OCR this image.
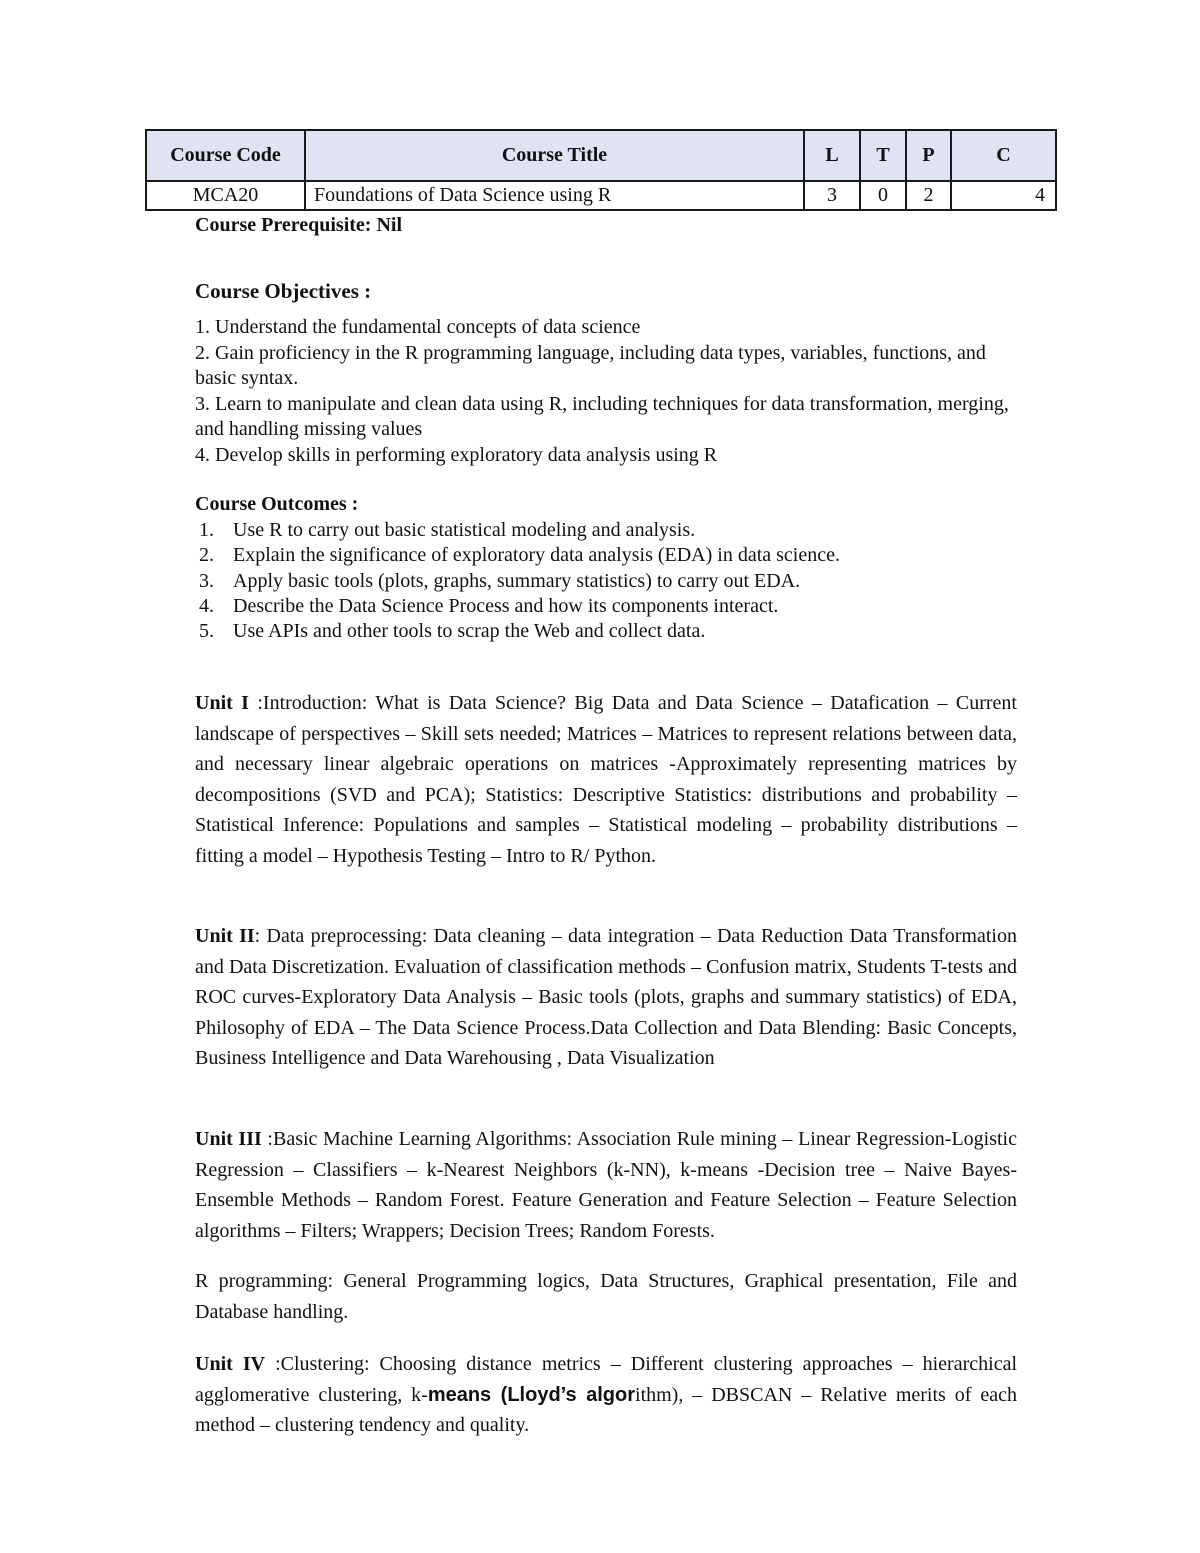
Course Code	Course Title	L	T	P	C
MCA20	Foundations of Data Science using R	3	0	2	4
Course Prerequisite: Nil
Course Objectives :
1. Understand the fundamental concepts of data science
2. Gain proficiency in the R programming language, including data types, variables, functions, and basic syntax.
3. Learn to manipulate and clean data using R, including techniques for data transformation, merging, and handling missing values
4. Develop skills in performing exploratory data analysis using R
Course Outcomes :
1. Use R to carry out basic statistical modeling and analysis.
2. Explain the significance of exploratory data analysis (EDA) in data science.
3. Apply basic tools (plots, graphs, summary statistics) to carry out EDA.
4. Describe the Data Science Process and how its components interact.
5. Use APIs and other tools to scrap the Web and collect data.
Unit I :Introduction: What is Data Science? Big Data and Data Science – Datafication – Current landscape of perspectives – Skill sets needed; Matrices – Matrices to represent relations between data, and necessary linear algebraic operations on matrices -Approximately representing matrices by decompositions (SVD and PCA); Statistics: Descriptive Statistics: distributions and probability – Statistical Inference: Populations and samples – Statistical modeling – probability distributions – fitting a model – Hypothesis Testing – Intro to R/ Python.
Unit II: Data preprocessing: Data cleaning – data integration – Data Reduction Data Transformation and Data Discretization. Evaluation of classification methods – Confusion matrix, Students T-tests and ROC curves-Exploratory Data Analysis – Basic tools (plots, graphs and summary statistics) of EDA, Philosophy of EDA – The Data Science Process.Data Collection and Data Blending: Basic Concepts, Business Intelligence and Data Warehousing , Data Visualization
Unit III :Basic Machine Learning Algorithms: Association Rule mining – Linear Regression-Logistic Regression – Classifiers – k-Nearest Neighbors (k-NN), k-means -Decision tree – Naive Bayes- Ensemble Methods – Random Forest. Feature Generation and Feature Selection – Feature Selection algorithms – Filters; Wrappers; Decision Trees; Random Forests.
R programming: General Programming logics, Data Structures, Graphical presentation, File and Database handling.
Unit IV :Clustering: Choosing distance metrics – Different clustering approaches – hierarchical agglomerative clustering, k-means (Lloyd’s algorithm), – DBSCAN – Relative merits of each method – clustering tendency and quality.
